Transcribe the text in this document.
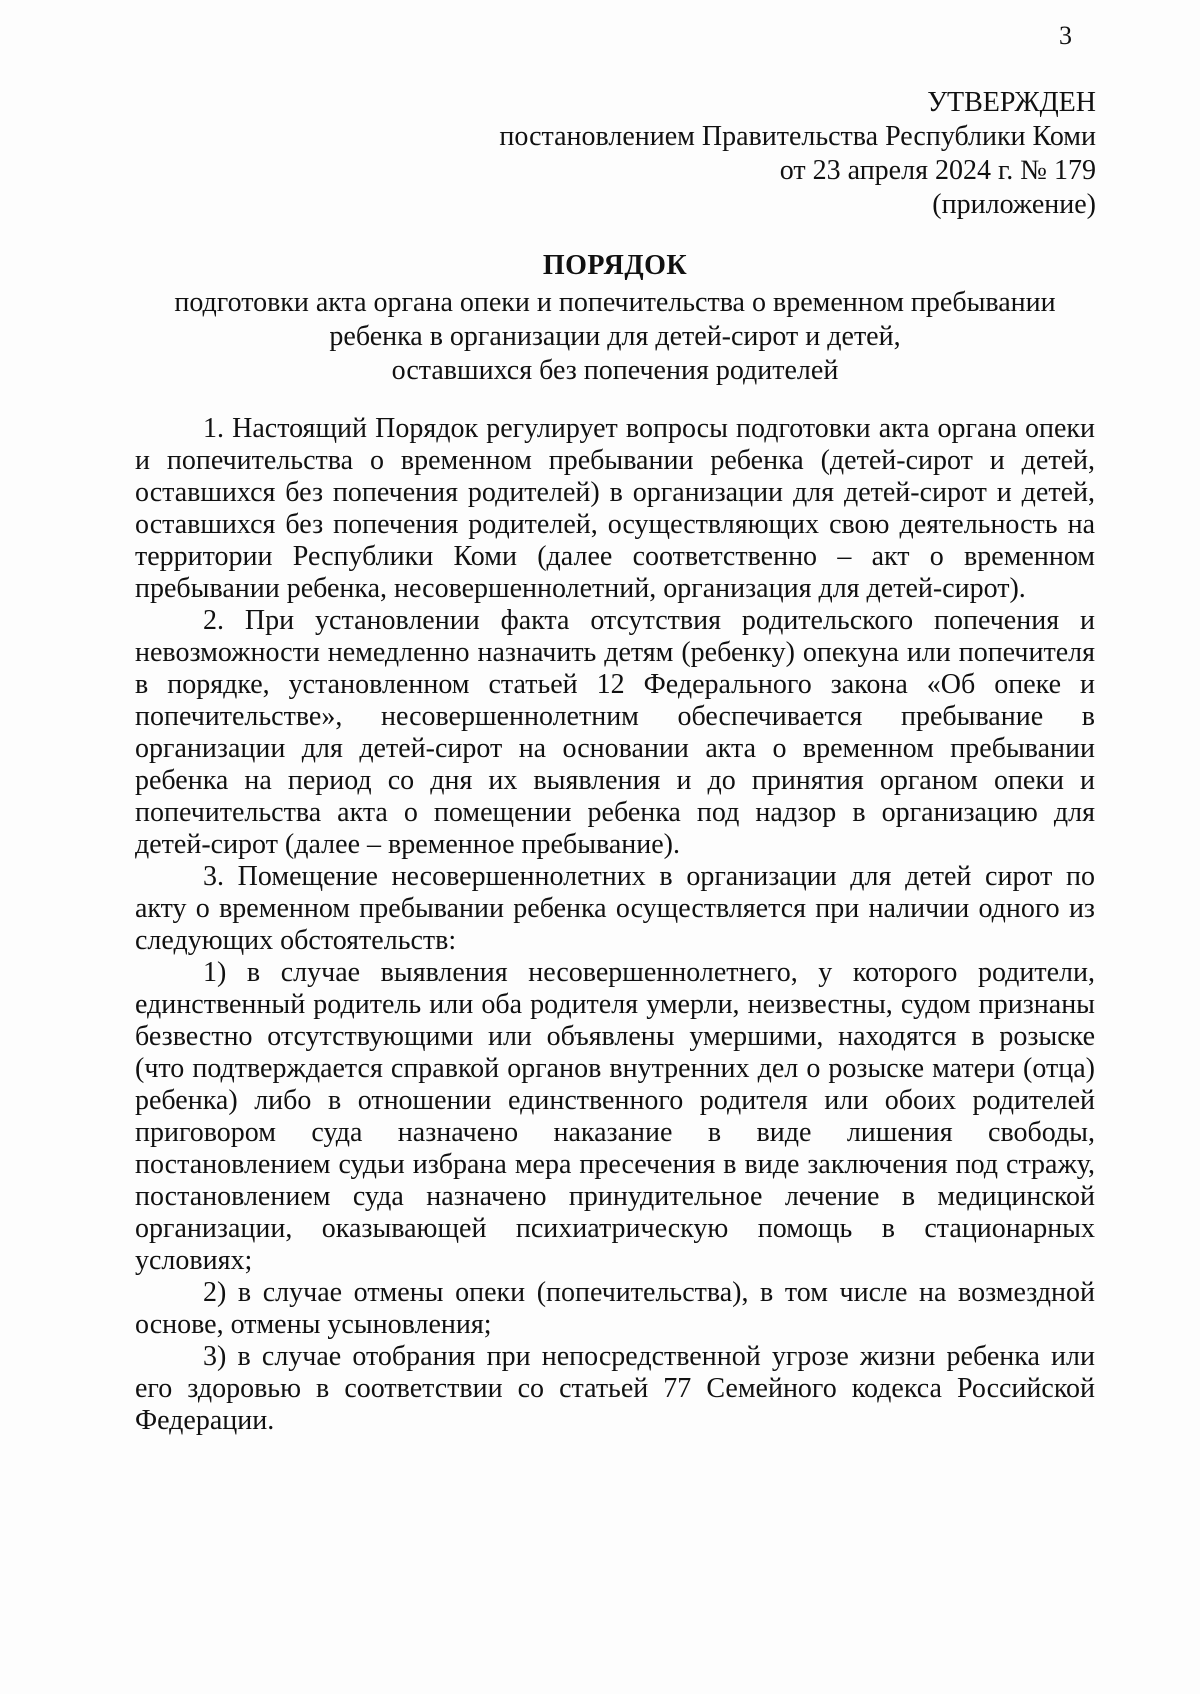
3
УТВЕРЖДЕН
постановлением Правительства Республики Коми
от 23 апреля 2024 г. № 179
(приложение)
ПОРЯДОК
подготовки акта органа опеки и попечительства о временном пребывании
ребенка в организации для детей-сирот и детей,
оставшихся без попечения родителей

1. Настоящий Порядок регулирует вопросы подготовки акта органа опеки и попечительства о временном пребывании ребенка (детей-сирот и детей, оставшихся без попечения родителей) в организации для детей-сирот и детей, оставшихся без попечения родителей, осуществляющих свою деятельность на территории Республики Коми (далее соответственно – акт о временном пребывании ребенка, несовершеннолетний, организация для детей-сирот).

2. При установлении факта отсутствия родительского попечения и невозможности немедленно назначить детям (ребенку) опекуна или попечителя в порядке, установленном статьей 12 Федерального закона «Об опеке и попечительстве», несовершеннолетним обеспечивается пребывание в организации для детей-сирот на основании акта о временном пребывании ребенка на период со дня их выявления и до принятия органом опеки и попечительства акта о помещении ребенка под надзор в организацию для детей-сирот (далее – временное пребывание).

3. Помещение несовершеннолетних в организации для детей сирот по акту о временном пребывании ребенка осуществляется при наличии одного из следующих обстоятельств:

1) в случае выявления несовершеннолетнего, у которого родители, единственный родитель или оба родителя умерли, неизвестны, судом признаны безвестно отсутствующими или объявлены умершими, находятся в розыске (что подтверждается справкой органов внутренних дел о розыске матери (отца) ребенка) либо в отношении единственного родителя или обоих родителей приговором суда назначено наказание в виде лишения свободы, постановлением судьи избрана мера пресечения в виде заключения под стражу, постановлением суда назначено принудительное лечение в медицинской организации, оказывающей психиатрическую помощь в стационарных условиях;

2) в случае отмены опеки (попечительства), в том числе на возмездной основе, отмены усыновления;

3) в случае отобрания при непосредственной угрозе жизни ребенка или его здоровью в соответствии со статьей 77 Семейного кодекса Российской Федерации.
